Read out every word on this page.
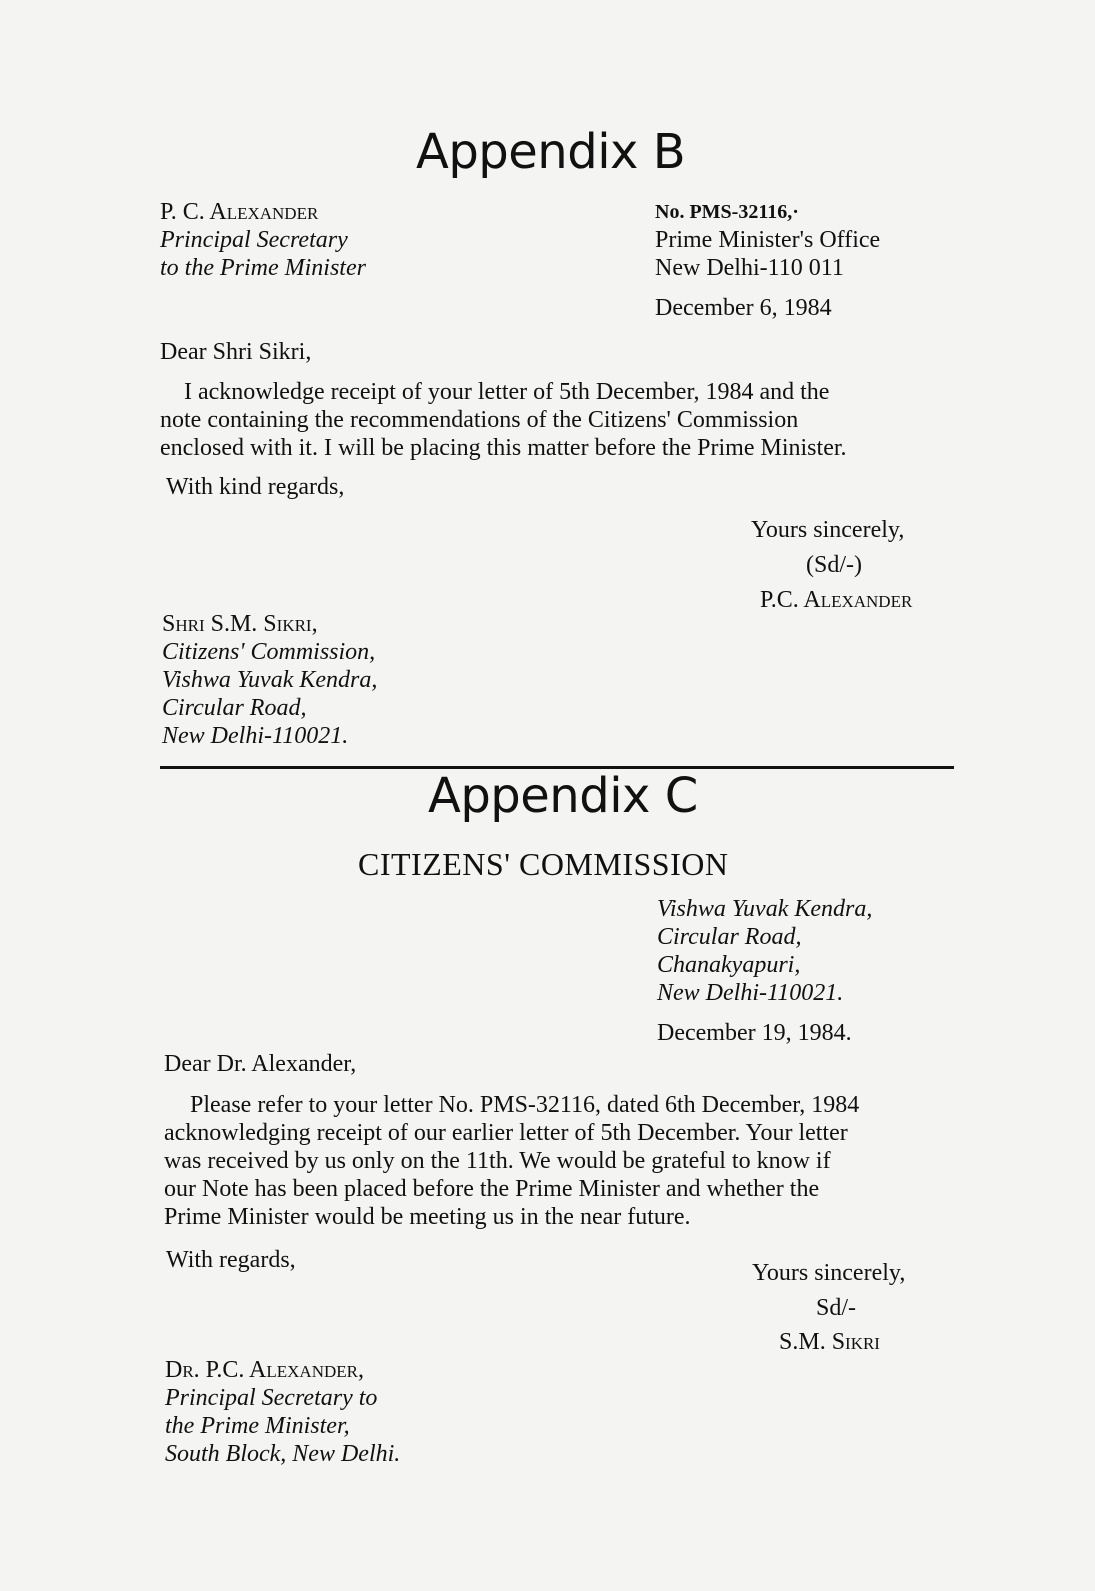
Appendix B

P. C. Alexander

Principal Secretary

to the Prime Minister

No. PMS-32116,·

Prime Minister's Office

New Delhi-110 011

December 6, 1984

Dear Shri Sikri,

I acknowledge receipt of your letter of 5th December, 1984 and the

note containing the recommendations of the Citizens' Commission

enclosed with it. I will be placing this matter before the Prime Minister.

With kind regards,

Yours sincerely,

(Sd/-)

P.C. Alexander

Shri S.M. Sikri,

Citizens' Commission,

Vishwa Yuvak Kendra,

Circular Road,

New Delhi-110021.

Appendix C

CITIZENS' COMMISSION

Vishwa Yuvak Kendra,

Circular Road,

Chanakyapuri,

New Delhi-110021.

December 19, 1984.

Dear Dr. Alexander,

Please refer to your letter No. PMS-32116, dated 6th December, 1984

acknowledging receipt of our earlier letter of 5th December. Your letter

was received by us only on the 11th. We would be grateful to know if

our Note has been placed before the Prime Minister and whether the

Prime Minister would be meeting us in the near future.

With regards,	Yours sincerely,

Sd/-

S.M. Sikri

Dr. P.C. Alexander,

Principal Secretary to

the Prime Minister,

South Block, New Delhi.
